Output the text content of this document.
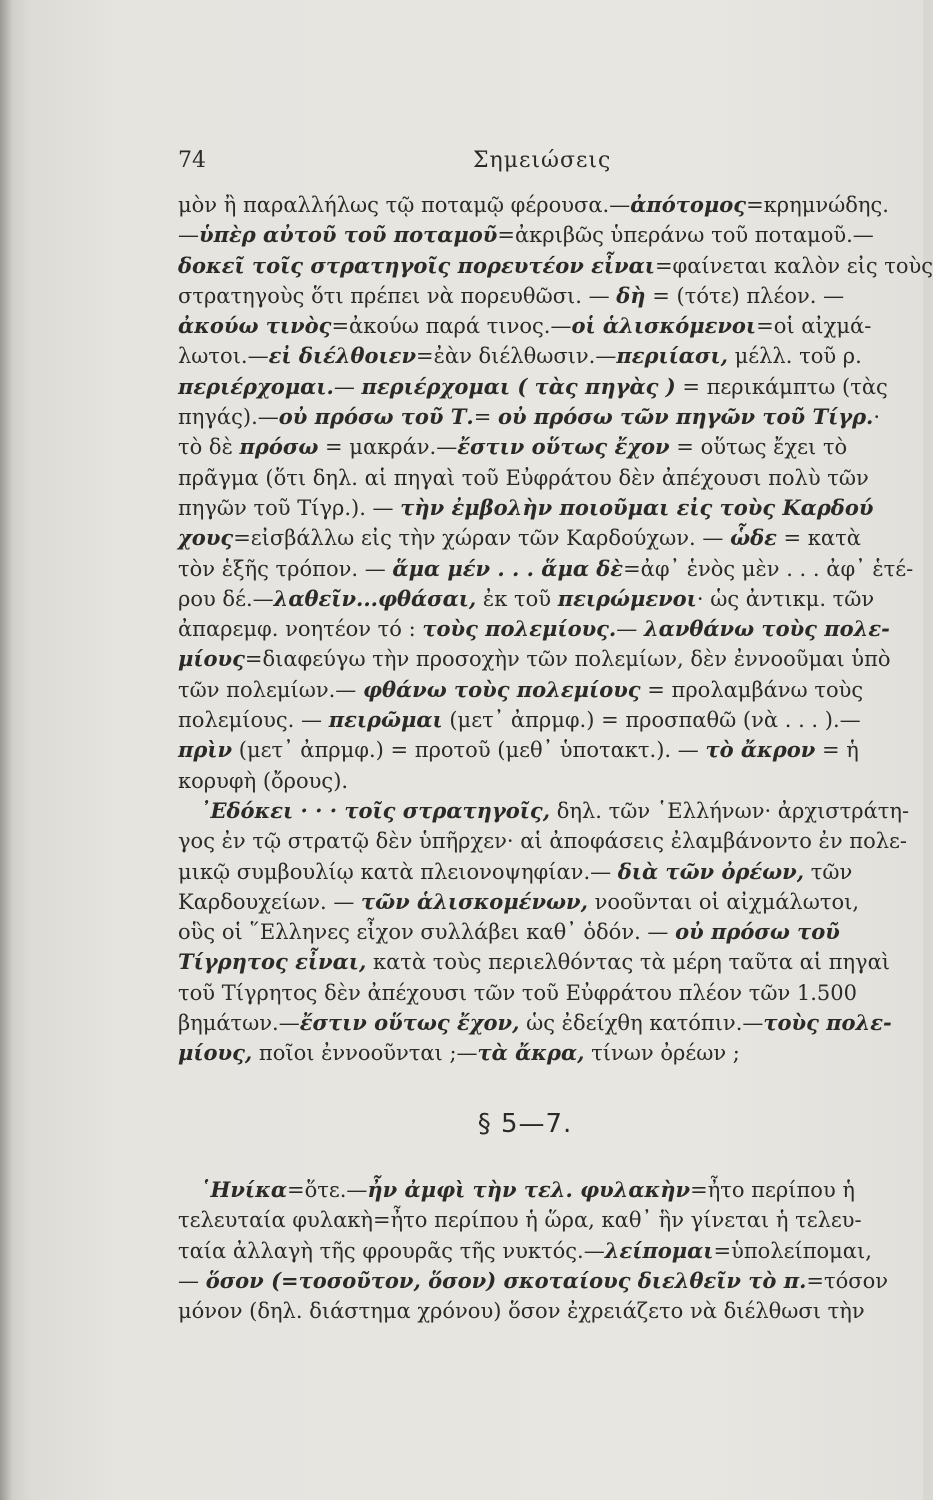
74	Σημειώσεις
μὸν ἢ παραλλήλως τῷ ποταμῷ φέρουσα.—ἀπότομος=κρημνώδης.
—ὑπὲρ αὐτοῦ τοῦ ποταμοῦ=ἀκριβῶς ὑπεράνω τοῦ ποταμοῦ.—
δοκεῖ τοῖς στρατηγοῖς πορευτέον εἶναι=φαίνεται καλὸν εἰς τοὺς
στρατηγοὺς ὅτι πρέπει νὰ πορευθῶσι. — δὴ = (τότε) πλέον. —
ἀκούω τινὸς=ἀκούω παρά τινος.—οἱ ἁλισκόμενοι=οἱ αἰχμά-
λωτοι.—εἰ διέλθοιεν=ἐὰν διέλθωσιν.—περιίασι, μέλλ. τοῦ ρ.
περιέρχομαι.— περιέρχομαι ( τὰς πηγὰς ) = περικάμπτω (τὰς
πηγάς).—οὐ πρόσω τοῦ Τ.= οὐ πρόσω τῶν πηγῶν τοῦ Τίγρ.·
τὸ δὲ πρόσω = μακράν.—ἔστιν οὕτως ἔχον = οὕτως ἔχει τὸ
πρᾶγμα (ὅτι δηλ. αἱ πηγαὶ τοῦ Εὐφράτου δὲν ἀπέχουσι πολὺ τῶν
πηγῶν τοῦ Τίγρ.). — τὴν ἐμβολὴν ποιοῦμαι εἰς τοὺς Καρδού
χους=εἰσβάλλω εἰς τὴν χώραν τῶν Καρδούχων. — ὧδε = κατὰ
τὸν ἑξῆς τρόπον. — ἅμα μέν . . . ἅμα δὲ=ἀφ᾽ ἑνὸς μὲν . . . ἀφ᾽ ἑτέ-
ρου δέ.—λαθεῖν...φθάσαι, ἐκ τοῦ πειρώμενοι· ὡς ἀντικμ. τῶν
ἀπαρεμφ. νοητέον τό : τοὺς πολεμίους.— λανθάνω τοὺς πολε-
μίους=διαφεύγω τὴν προσοχὴν τῶν πολεμίων, δὲν ἐννοοῦμαι ὑπὸ
τῶν πολεμίων.— φθάνω τοὺς πολεμίους = προλαμβάνω τοὺς
πολεμίους. — πειρῶμαι (μετ᾽ ἀπρμφ.) = προσπαθῶ (νὰ . . . ).—
πρὶν (μετ᾽ ἀπρμφ.) = προτοῦ (μεθ᾽ ὑποτακτ.). — τὸ ἄκρον = ἡ
κορυφὴ (ὄρους).
᾿Εδόκει · · · τοῖς στρατηγοῖς, δηλ. τῶν ῾Ελλήνων· ἀρχιστράτη-
γος ἐν τῷ στρατῷ δὲν ὑπῆρχεν· αἱ ἀποφάσεις ἐλαμβάνοντο ἐν πολε-
μικῷ συμβουλίῳ κατὰ πλειονοψηφίαν.— διὰ τῶν ὀρέων, τῶν
Καρδουχείων. — τῶν ἁλισκομένων, νοοῦνται οἱ αἰχμάλωτοι,
οὓς οἱ ῞Ελληνες εἶχον συλλάβει καθ᾽ ὁδόν. — οὐ πρόσω τοῦ
Τίγρητος εἶναι, κατὰ τοὺς περιελθόντας τὰ μέρη ταῦτα αἱ πηγαὶ
τοῦ Τίγρητος δὲν ἀπέχουσι τῶν τοῦ Εὐφράτου πλέον τῶν 1.500
βημάτων.—ἔστιν οὕτως ἔχον, ὡς ἐδείχθη κατόπιν.—τοὺς πολε-
μίους, ποῖοι ἐννοοῦνται ;—τὰ ἄκρα, τίνων ὀρέων ;
§ 5—7.
῾Ηνίκα=ὅτε.—ἦν ἀμφὶ τὴν τελ. φυλακὴν=ἦτο περίπου ἡ
τελευταία φυλακὴ=ἦτο περίπου ἡ ὥρα, καθ᾽ ἣν γίνεται ἡ τελευ-
ταία ἀλλαγὴ τῆς φρουρᾶς τῆς νυκτός.—λείπομαι=ὑπολείπομαι,
— ὅσον (=τοσοῦτον, ὅσον) σκοταίους διελθεῖν τὸ π.=τόσον
μόνον (δηλ. διάστημα χρόνου) ὅσον ἐχρειάζετο νὰ διέλθωσι τὴν
